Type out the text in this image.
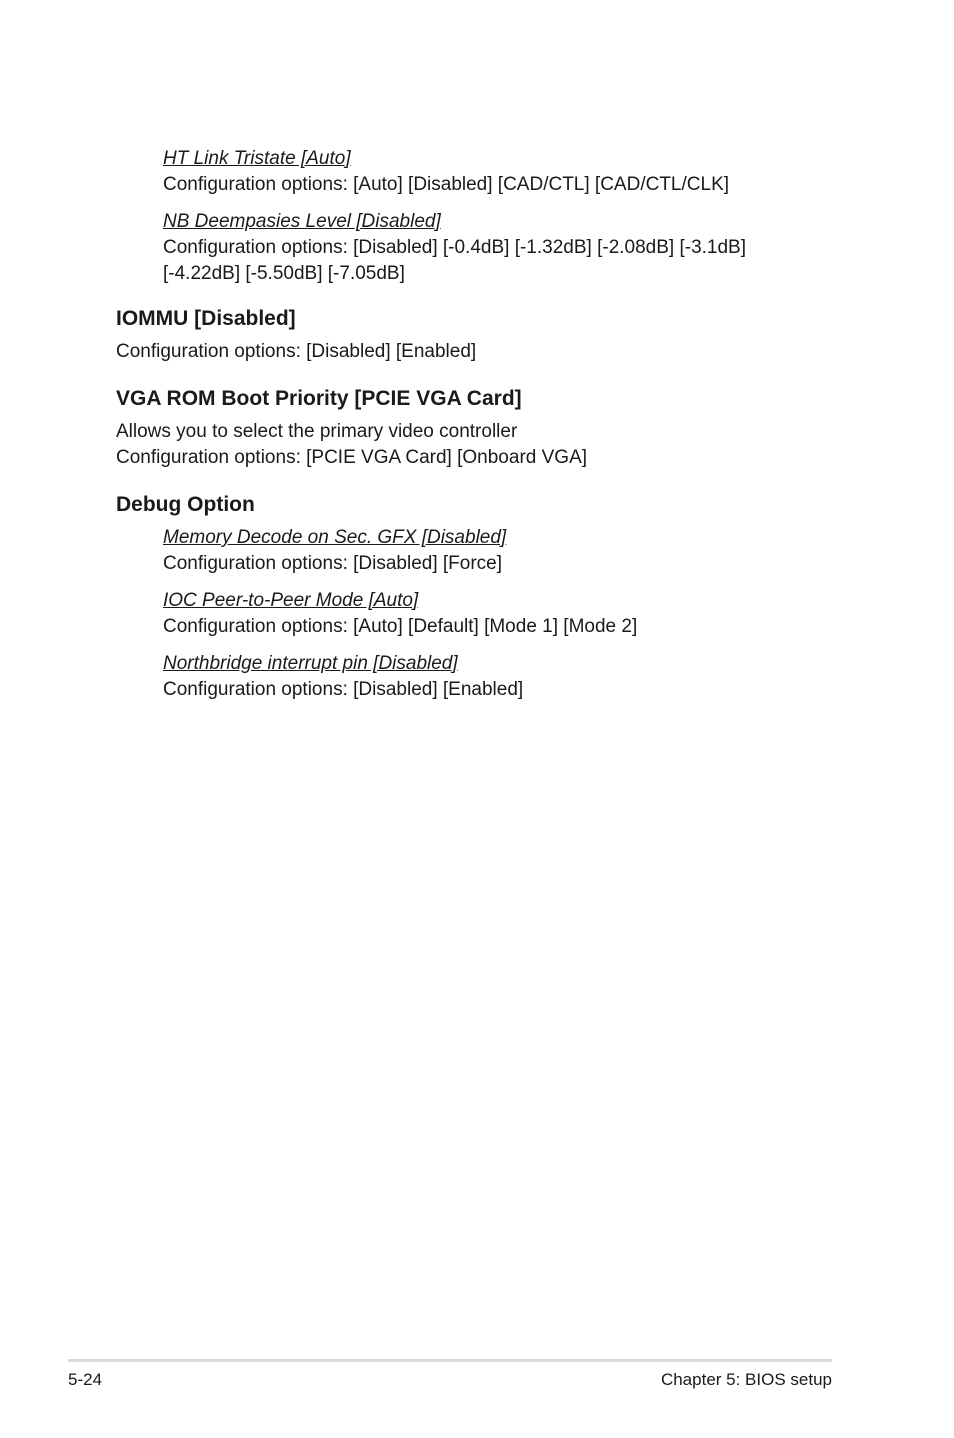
HT Link Tristate [Auto]
Configuration options: [Auto] [Disabled] [CAD/CTL] [CAD/CTL/CLK]
NB Deempasies Level [Disabled]
Configuration options: [Disabled] [-0.4dB] [-1.32dB] [-2.08dB] [-3.1dB]
[-4.22dB] [-5.50dB] [-7.05dB]
IOMMU [Disabled]
Configuration options: [Disabled] [Enabled]
VGA ROM Boot Priority [PCIE VGA Card]
Allows you to select the primary video controller
Configuration options: [PCIE VGA Card] [Onboard VGA]
Debug Option
Memory Decode on Sec. GFX [Disabled]
Configuration options: [Disabled] [Force]
IOC Peer-to-Peer Mode [Auto]
Configuration options: [Auto] [Default] [Mode 1] [Mode 2]
Northbridge interrupt pin [Disabled]
Configuration options: [Disabled] [Enabled]
5-24	Chapter 5: BIOS setup
